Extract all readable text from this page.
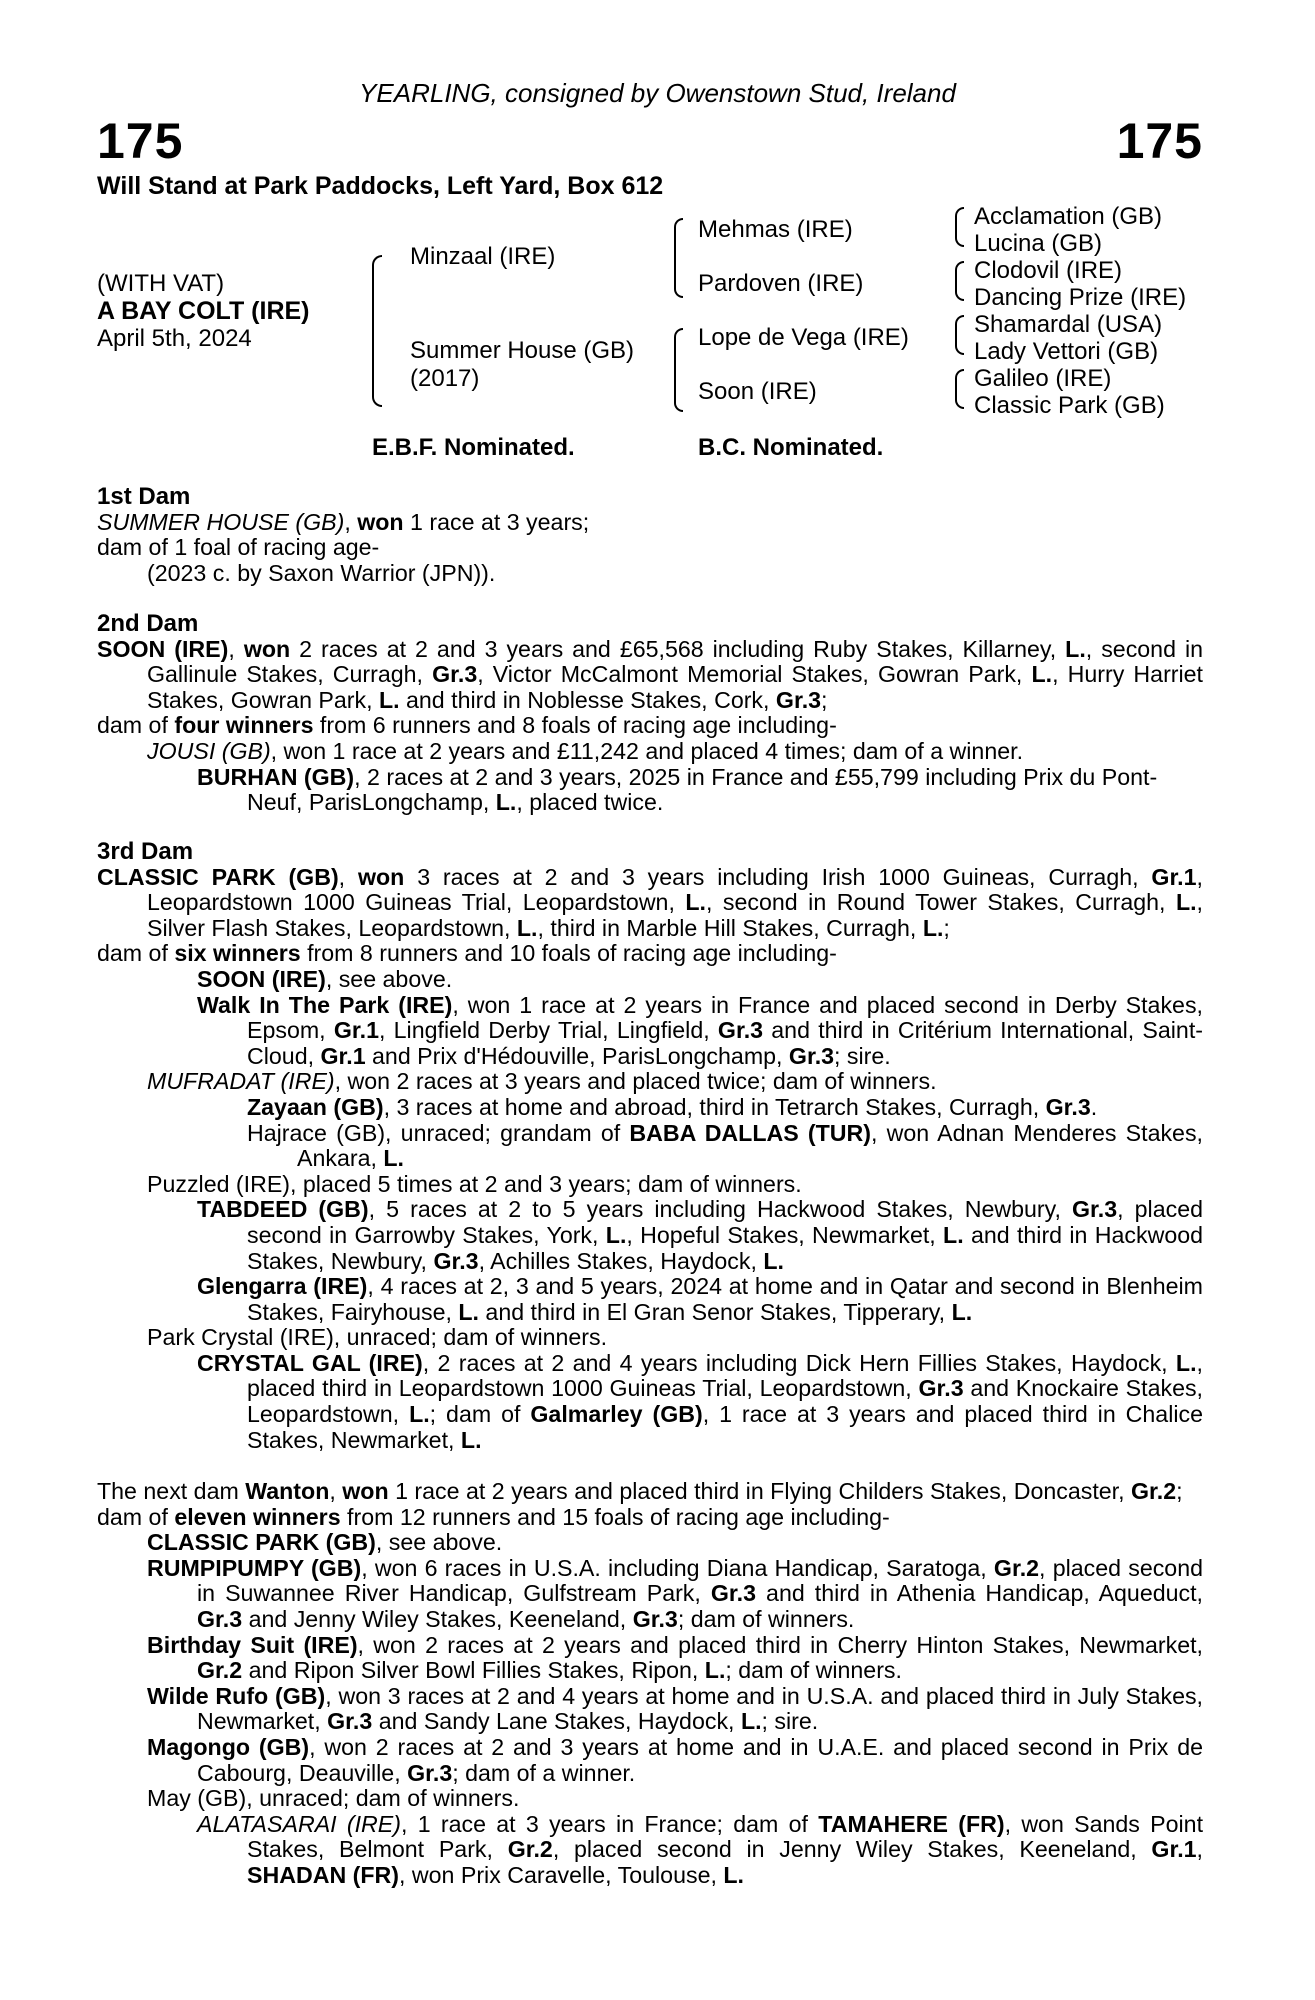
YEARLING, consigned by Owenstown Stud, Ireland
175	175
Will Stand at Park Paddocks, Left Yard, Box 612
(WITH VAT)
A BAY COLT (IRE)
April 5th, 2024
Minzaal (IRE)
Summer House (GB)
(2017)
Mehmas (IRE)
Pardoven (IRE)
Lope de Vega (IRE)
Soon (IRE)
Acclamation (GB)
Lucina (GB)
Clodovil (IRE)
Dancing Prize (IRE)
Shamardal (USA)
Lady Vettori (GB)
Galileo (IRE)
Classic Park (GB)
E.B.F. Nominated.	B.C. Nominated.
1st Dam

SUMMER HOUSE (GB), won 1 race at 3 years;

dam of 1 foal of racing age-

(2023 c. by Saxon Warrior (JPN)).

2nd Dam

SOON (IRE), won 2 races at 2 and 3 years and £65,568 including Ruby Stakes, Killarney, L., second in Gallinule Stakes, Curragh, Gr.3, Victor McCalmont Memorial Stakes, Gowran Park, L., Hurry Harriet Stakes, Gowran Park, L. and third in Noblesse Stakes, Cork, Gr.3;

dam of four winners from 6 runners and 8 foals of racing age including-

JOUSI (GB), won 1 race at 2 years and £11,242 and placed 4 times; dam of a winner.

BURHAN (GB), 2 races at 2 and 3 years, 2025 in France and £55,799 including Prix du Pont-Neuf, ParisLongchamp, L., placed twice.

3rd Dam

CLASSIC PARK (GB), won 3 races at 2 and 3 years including Irish 1000 Guineas, Curragh, Gr.1, Leopardstown 1000 Guineas Trial, Leopardstown, L., second in Round Tower Stakes, Curragh, L., Silver Flash Stakes, Leopardstown, L., third in Marble Hill Stakes, Curragh, L.;

dam of six winners from 8 runners and 10 foals of racing age including-

SOON (IRE), see above.

Walk In The Park (IRE), won 1 race at 2 years in France and placed second in Derby Stakes, Epsom, Gr.1, Lingfield Derby Trial, Lingfield, Gr.3 and third in Critérium International, Saint-Cloud, Gr.1 and Prix d'Hédouville, ParisLongchamp, Gr.3; sire.

MUFRADAT (IRE), won 2 races at 3 years and placed twice; dam of winners.

Zayaan (GB), 3 races at home and abroad, third in Tetrarch Stakes, Curragh, Gr.3.

Hajrace (GB), unraced; grandam of BABA DALLAS (TUR), won Adnan Menderes Stakes, Ankara, L.

Puzzled (IRE), placed 5 times at 2 and 3 years; dam of winners.

TABDEED (GB), 5 races at 2 to 5 years including Hackwood Stakes, Newbury, Gr.3, placed second in Garrowby Stakes, York, L., Hopeful Stakes, Newmarket, L. and third in Hackwood Stakes, Newbury, Gr.3, Achilles Stakes, Haydock, L.

Glengarra (IRE), 4 races at 2, 3 and 5 years, 2024 at home and in Qatar and second in Blenheim Stakes, Fairyhouse, L. and third in El Gran Senor Stakes, Tipperary, L.

Park Crystal (IRE), unraced; dam of winners.

CRYSTAL GAL (IRE), 2 races at 2 and 4 years including Dick Hern Fillies Stakes, Haydock, L., placed third in Leopardstown 1000 Guineas Trial, Leopardstown, Gr.3 and Knockaire Stakes, Leopardstown, L.; dam of Galmarley (GB), 1 race at 3 years and placed third in Chalice Stakes, Newmarket, L.

The next dam Wanton, won 1 race at 2 years and placed third in Flying Childers Stakes, Doncaster, Gr.2;

dam of eleven winners from 12 runners and 15 foals of racing age including-

CLASSIC PARK (GB), see above.

RUMPIPUMPY (GB), won 6 races in U.S.A. including Diana Handicap, Saratoga, Gr.2, placed second in Suwannee River Handicap, Gulfstream Park, Gr.3 and third in Athenia Handicap, Aqueduct, Gr.3 and Jenny Wiley Stakes, Keeneland, Gr.3; dam of winners.

Birthday Suit (IRE), won 2 races at 2 years and placed third in Cherry Hinton Stakes, Newmarket, Gr.2 and Ripon Silver Bowl Fillies Stakes, Ripon, L.; dam of winners.

Wilde Rufo (GB), won 3 races at 2 and 4 years at home and in U.S.A. and placed third in July Stakes, Newmarket, Gr.3 and Sandy Lane Stakes, Haydock, L.; sire.

Magongo (GB), won 2 races at 2 and 3 years at home and in U.A.E. and placed second in Prix de Cabourg, Deauville, Gr.3; dam of a winner.

May (GB), unraced; dam of winners.

ALATASARAI (IRE), 1 race at 3 years in France; dam of TAMAHERE (FR), won Sands Point Stakes, Belmont Park, Gr.2, placed second in Jenny Wiley Stakes, Keeneland, Gr.1, SHADAN (FR), won Prix Caravelle, Toulouse, L.
